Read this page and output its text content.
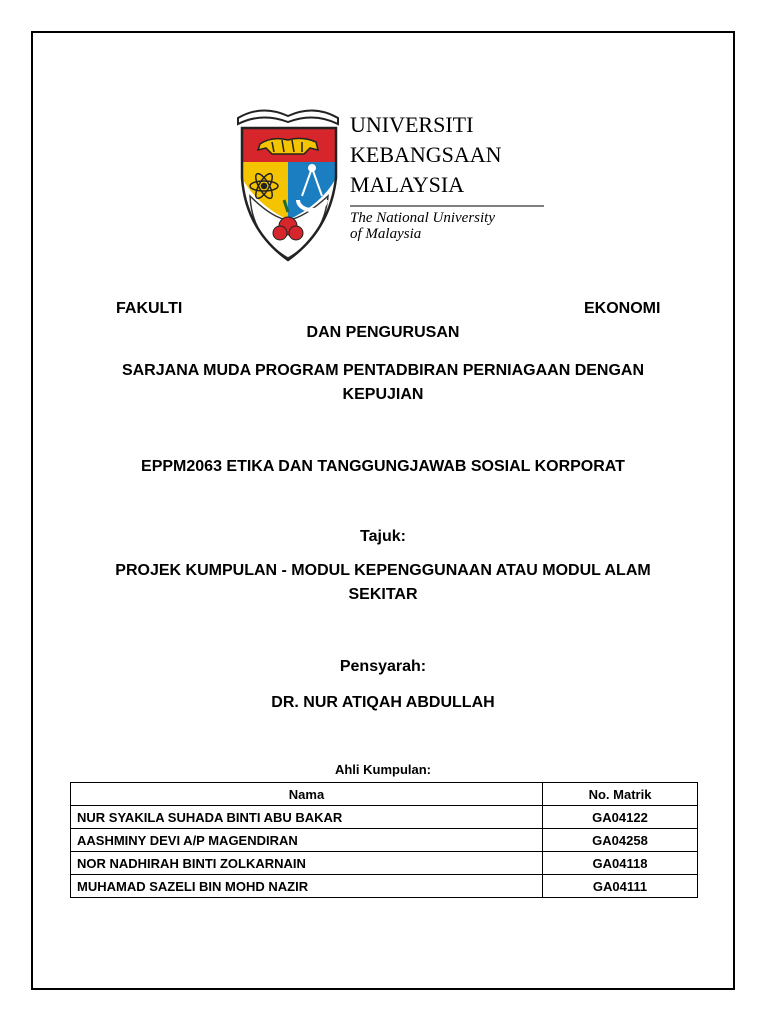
UNIVERSITI
KEBANGSAAN
MALAYSIA
The National University
of Malaysia
FAKULTI	EKONOMI
DAN PENGURUSAN
SARJANA MUDA PROGRAM PENTADBIRAN PERNIAGAAN DENGAN
KEPUJIAN
EPPM2063 ETIKA DAN TANGGUNGJAWAB SOSIAL KORPORAT
Tajuk:
PROJEK KUMPULAN - MODUL KEPENGGUNAAN ATAU MODUL ALAM
SEKITAR
Pensyarah:
DR. NUR ATIQAH ABDULLAH
Ahli Kumpulan:
Nama	No. Matrik
NUR SYAKILA SUHADA BINTI ABU BAKAR	GA04122
AASHMINY DEVI A/P MAGENDIRAN	GA04258
NOR NADHIRAH BINTI ZOLKARNAIN	GA04118
MUHAMAD SAZELI BIN MOHD NAZIR	GA04111
